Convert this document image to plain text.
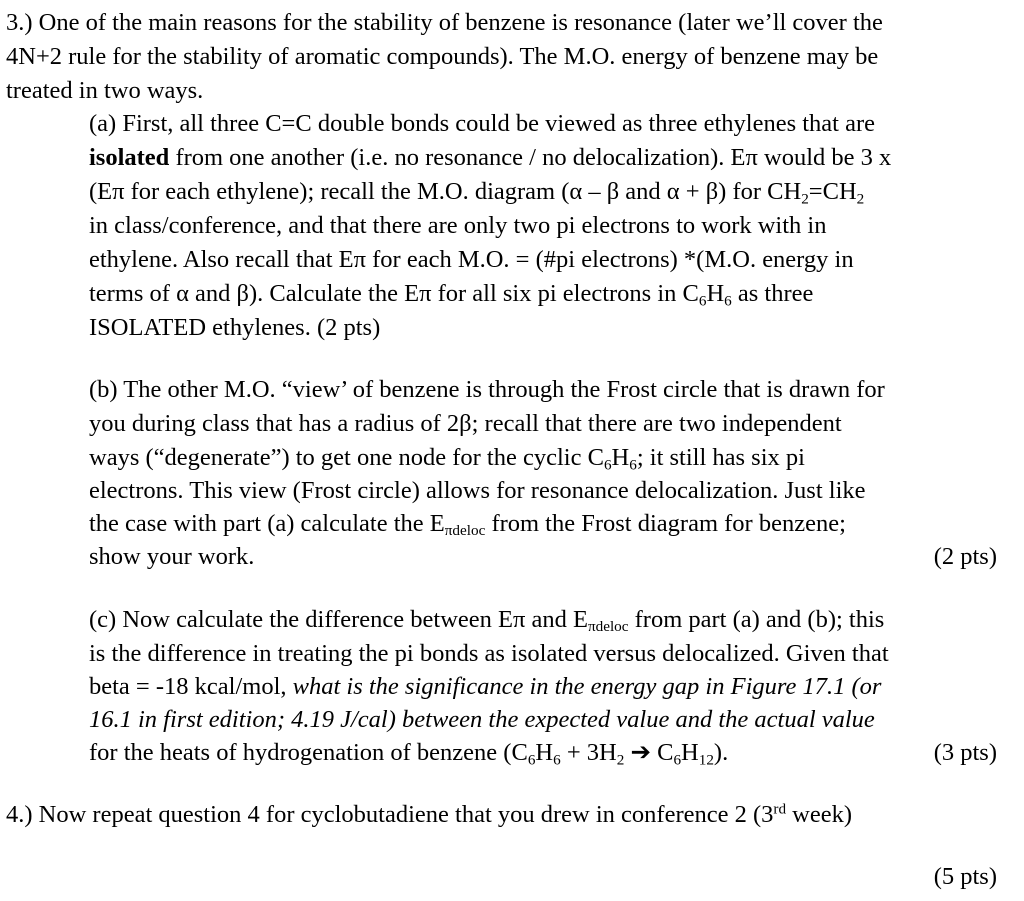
3.) One of the main reasons for the stability of benzene is resonance (later we’ll cover the
4N+2 rule for the stability of aromatic compounds). The M.O. energy of benzene may be
treated in two ways.
(a) First, all three C=C double bonds could be viewed as three ethylenes that are
isolated from one another (i.e. no resonance / no delocalization). Eπ would be 3 x
(Eπ for each ethylene); recall the M.O. diagram (α – β and α + β) for $CH_2=CH_2$
in class/conference, and that there are only two pi electrons to work with in
ethylene. Also recall that Eπ for each M.O. = (#pi electrons) *(M.O. energy in
terms of α and β). Calculate the Eπ for all six pi electrons in $C_6H_6$ as three
ISOLATED ethylenes. (2 pts)
(b) The other M.O. “view’ of benzene is through the Frost circle that is drawn for
you during class that has a radius of 2β; recall that there are two independent
ways (“degenerate”) to get one node for the cyclic $C_6H_6$; it still has six pi
electrons. This view (Frost circle) allows for resonance delocalization. Just like
the case with part (a) calculate the Eπdeloc from the Frost diagram for benzene;
show your work.	(2 pts)
(c) Now calculate the difference between Eπ and Eπdeloc from part (a) and (b); this
is the difference in treating the pi bonds as isolated versus delocalized. Given that
beta = -18 kcal/mol, what is the significance in the energy gap in Figure 17.1 (or
16.1 in first edition; 4.19 J/cal) between the expected value and the actual value
for the heats of hydrogenation of benzene ($C_6H_6 + 3H_2$ ➔ $C_6H_{12}$).	(3 pts)
4.) Now repeat question 4 for cyclobutadiene that you drew in conference 2 (3rd week)
(5 pts)
